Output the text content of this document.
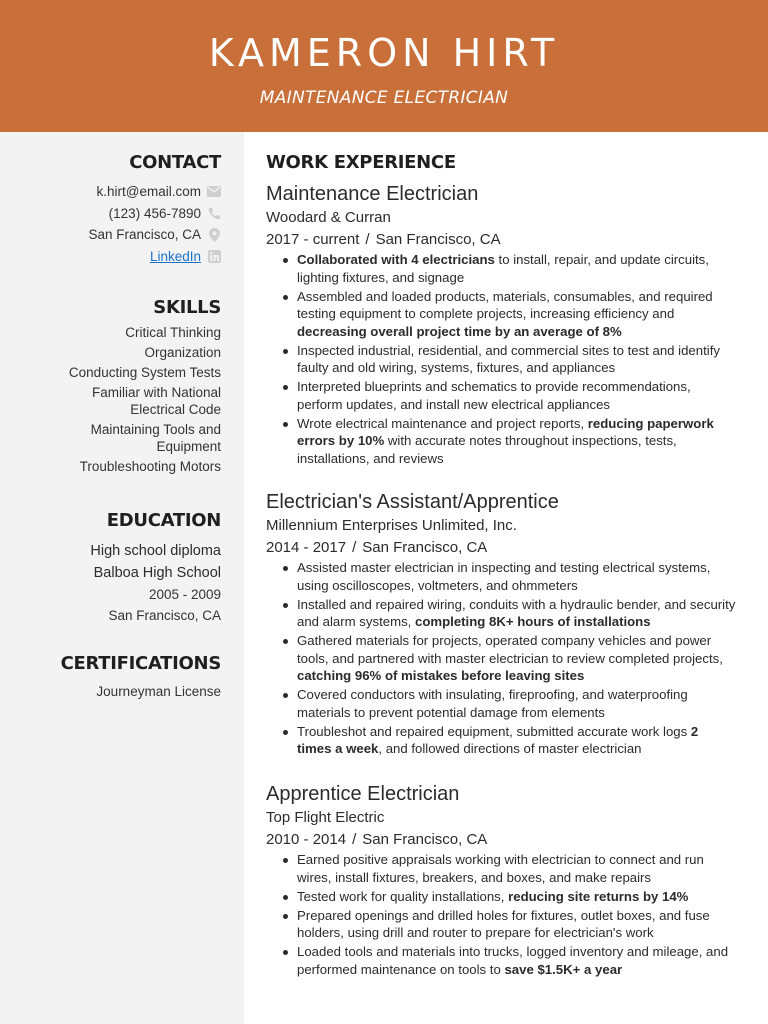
KAMERON HIRT
MAINTENANCE ELECTRICIAN
CONTACT
k.hirt@email.com
(123) 456-7890
San Francisco, CA
LinkedIn
SKILLS
Critical Thinking
Organization
Conducting System Tests
Familiar with National Electrical Code
Maintaining Tools and Equipment
Troubleshooting Motors
EDUCATION
High school diploma
Balboa High School
2005 - 2009
San Francisco, CA
CERTIFICATIONS
Journeyman License
WORK EXPERIENCE
Maintenance Electrician
Woodard & Curran
2017 - current / San Francisco, CA
Collaborated with 4 electricians to install, repair, and update circuits, lighting fixtures, and signage
Assembled and loaded products, materials, consumables, and required testing equipment to complete projects, increasing efficiency and decreasing overall project time by an average of 8%
Inspected industrial, residential, and commercial sites to test and identify faulty and old wiring, systems, fixtures, and appliances
Interpreted blueprints and schematics to provide recommendations, perform updates, and install new electrical appliances
Wrote electrical maintenance and project reports, reducing paperwork errors by 10% with accurate notes throughout inspections, tests, installations, and reviews
Electrician's Assistant/Apprentice
Millennium Enterprises Unlimited, Inc.
2014 - 2017 / San Francisco, CA
Assisted master electrician in inspecting and testing electrical systems, using oscilloscopes, voltmeters, and ohmmeters
Installed and repaired wiring, conduits with a hydraulic bender, and security and alarm systems, completing 8K+ hours of installations
Gathered materials for projects, operated company vehicles and power tools, and partnered with master electrician to review completed projects, catching 96% of mistakes before leaving sites
Covered conductors with insulating, fireproofing, and waterproofing materials to prevent potential damage from elements
Troubleshot and repaired equipment, submitted accurate work logs 2 times a week, and followed directions of master electrician
Apprentice Electrician
Top Flight Electric
2010 - 2014 / San Francisco, CA
Earned positive appraisals working with electrician to connect and run wires, install fixtures, breakers, and boxes, and make repairs
Tested work for quality installations, reducing site returns by 14%
Prepared openings and drilled holes for fixtures, outlet boxes, and fuse holders, using drill and router to prepare for electrician's work
Loaded tools and materials into trucks, logged inventory and mileage, and performed maintenance on tools to save $1.5K+ a year
